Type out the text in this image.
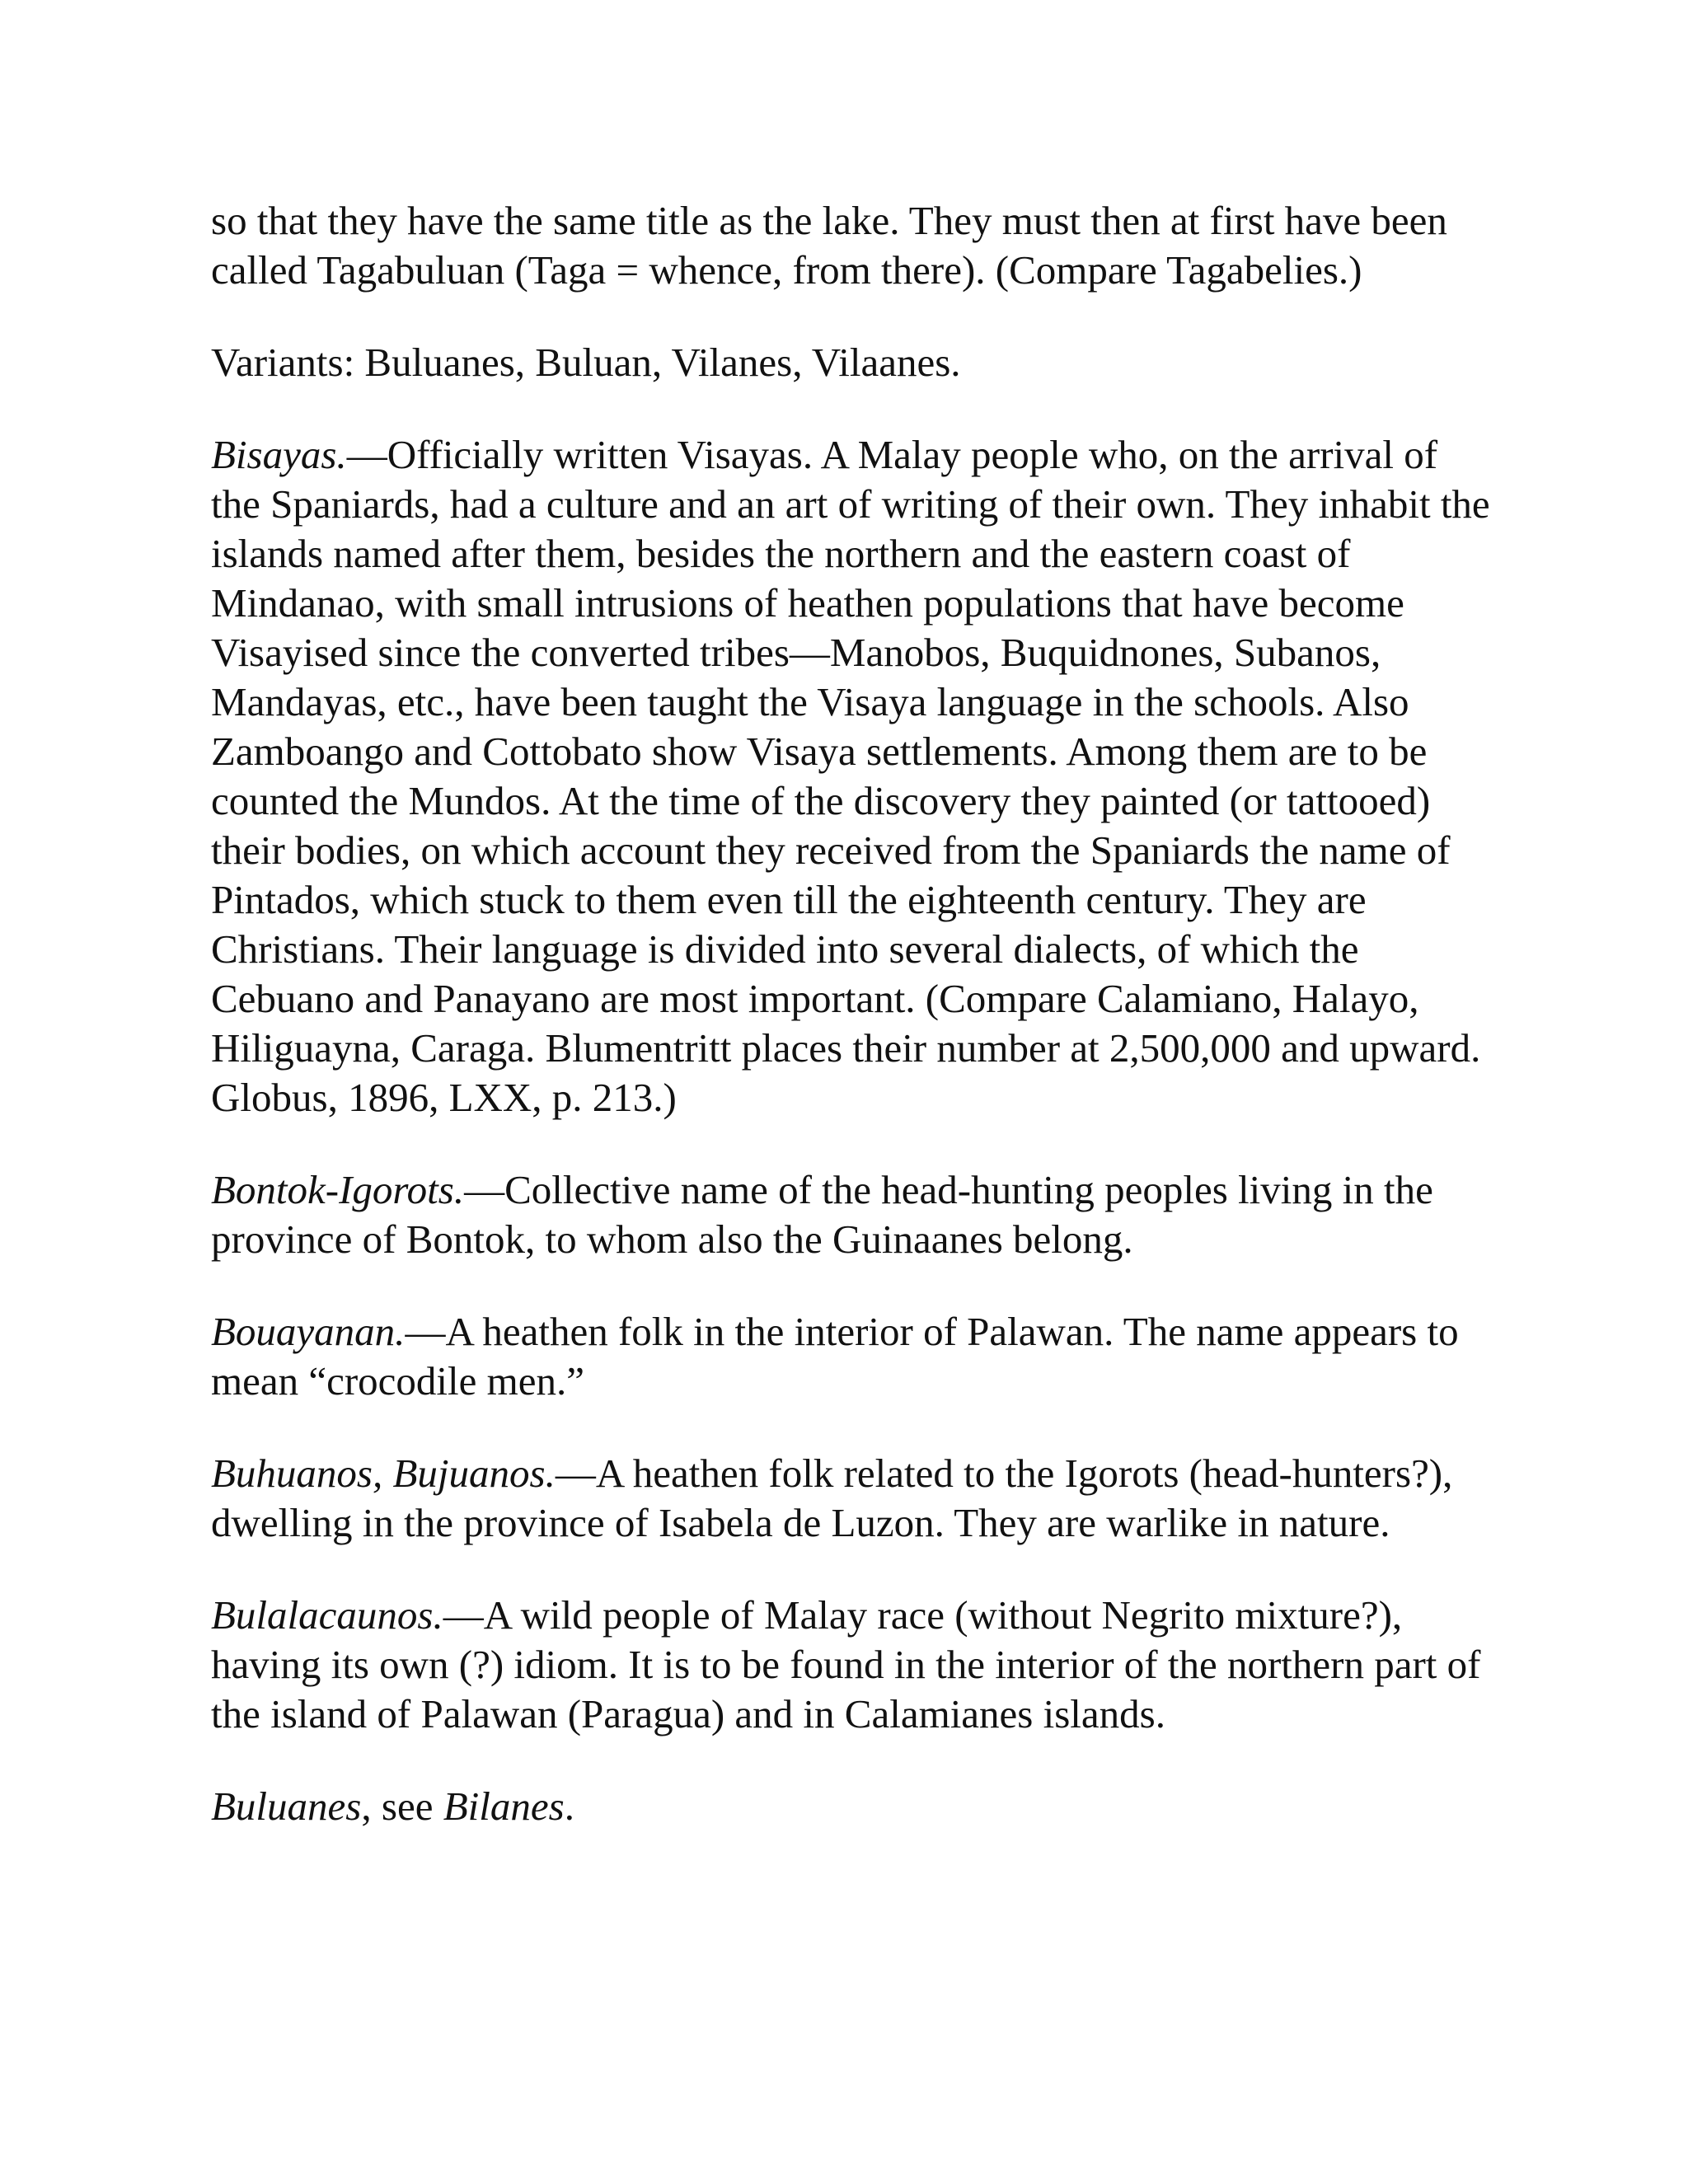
so that they have the same title as the lake. They must then at first have been called Tagabuluan (Taga = whence, from there). (Compare Tagabelies.)

Variants: Buluanes, Buluan, Vilanes, Vilaanes.

Bisayas.—Officially written Visayas. A Malay people who, on the arrival of the Spaniards, had a culture and an art of writing of their own. They inhabit the islands named after them, besides the northern and the eastern coast of Mindanao, with small intrusions of heathen populations that have become Visayised since the converted tribes—Manobos, Buquidnones, Subanos, Mandayas, etc., have been taught the Visaya language in the schools. Also Zamboango and Cottobato show Visaya settlements. Among them are to be counted the Mundos. At the time of the discovery they painted (or tattooed) their bodies, on which account they received from the Spaniards the name of Pintados, which stuck to them even till the eighteenth century. They are Christians. Their language is divided into several dialects, of which the Cebuano and Panayano are most important. (Compare Calamiano, Halayo, Hiliguayna, Caraga. Blumentritt places their number at 2,500,000 and upward. Globus, 1896, LXX, p. 213.)

Bontok-Igorots.—Collective name of the head-hunting peoples living in the province of Bontok, to whom also the Guinaanes belong.

Bouayanan.—A heathen folk in the interior of Palawan. The name appears to mean “crocodile men.”

Buhuanos, Bujuanos.—A heathen folk related to the Igorots (head-hunters?), dwelling in the province of Isabela de Luzon. They are warlike in nature.

Bulalacaunos.—A wild people of Malay race (without Negrito mixture?), having its own (?) idiom. It is to be found in the interior of the northern part of the island of Palawan (Paragua) and in Calamianes islands.

Buluanes, see Bilanes.
